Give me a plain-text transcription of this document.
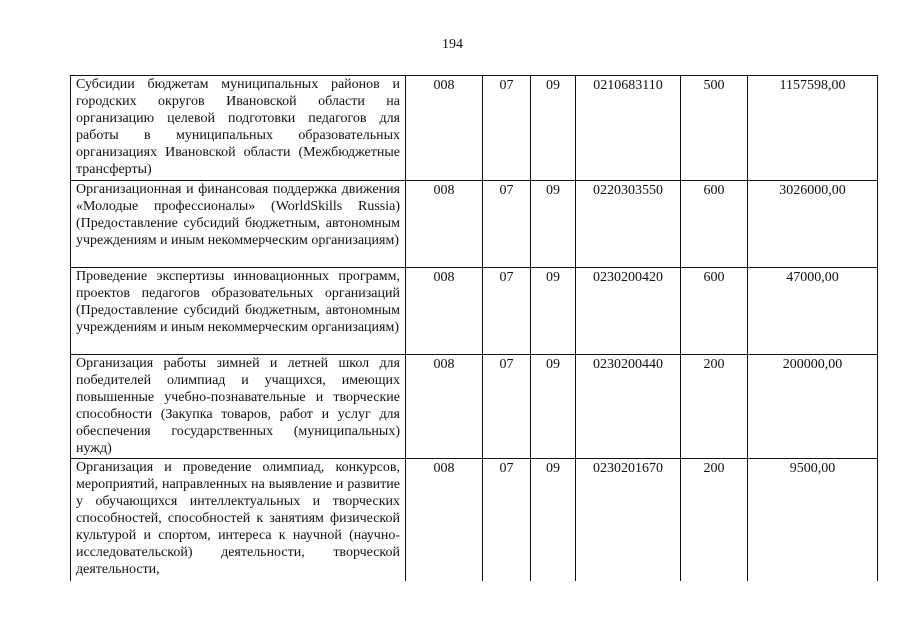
194
Субсидии бюджетам муниципальных районов и городских округов Ивановской области на организацию целевой подготовки педагогов для работы в муниципальных образовательных организациях Ивановской области (Межбюджетные трансферты)	008	07	09	0210683110	500	1157598,00
Организационная и финансовая поддержка движения «Молодые профессионалы» (WorldSkills Russia) (Предоставление субсидий бюджетным, автономным учреждениям и иным некоммерческим организациям)	008	07	09	0220303550	600	3026000,00
Проведение экспертизы инновационных программ, проектов педагогов образовательных организаций (Предоставление субсидий бюджетным, автономным учреждениям и иным некоммерческим организациям)	008	07	09	0230200420	600	47000,00
Организация работы зимней и летней школ для победителей олимпиад и учащихся, имеющих повышенные учебно-познавательные и творческие способности (Закупка товаров, работ и услуг для обеспечения государственных (муниципальных) нужд)	008	07	09	0230200440	200	200000,00
Организация и проведение олимпиад, конкурсов, мероприятий, направленных на выявление и развитие у обучающихся интеллектуальных и творческих способностей, способностей к занятиям физической культурой и спортом, интереса к научной (научно-исследовательской) деятельности, творческой деятельности,	008	07	09	0230201670	200	9500,00
